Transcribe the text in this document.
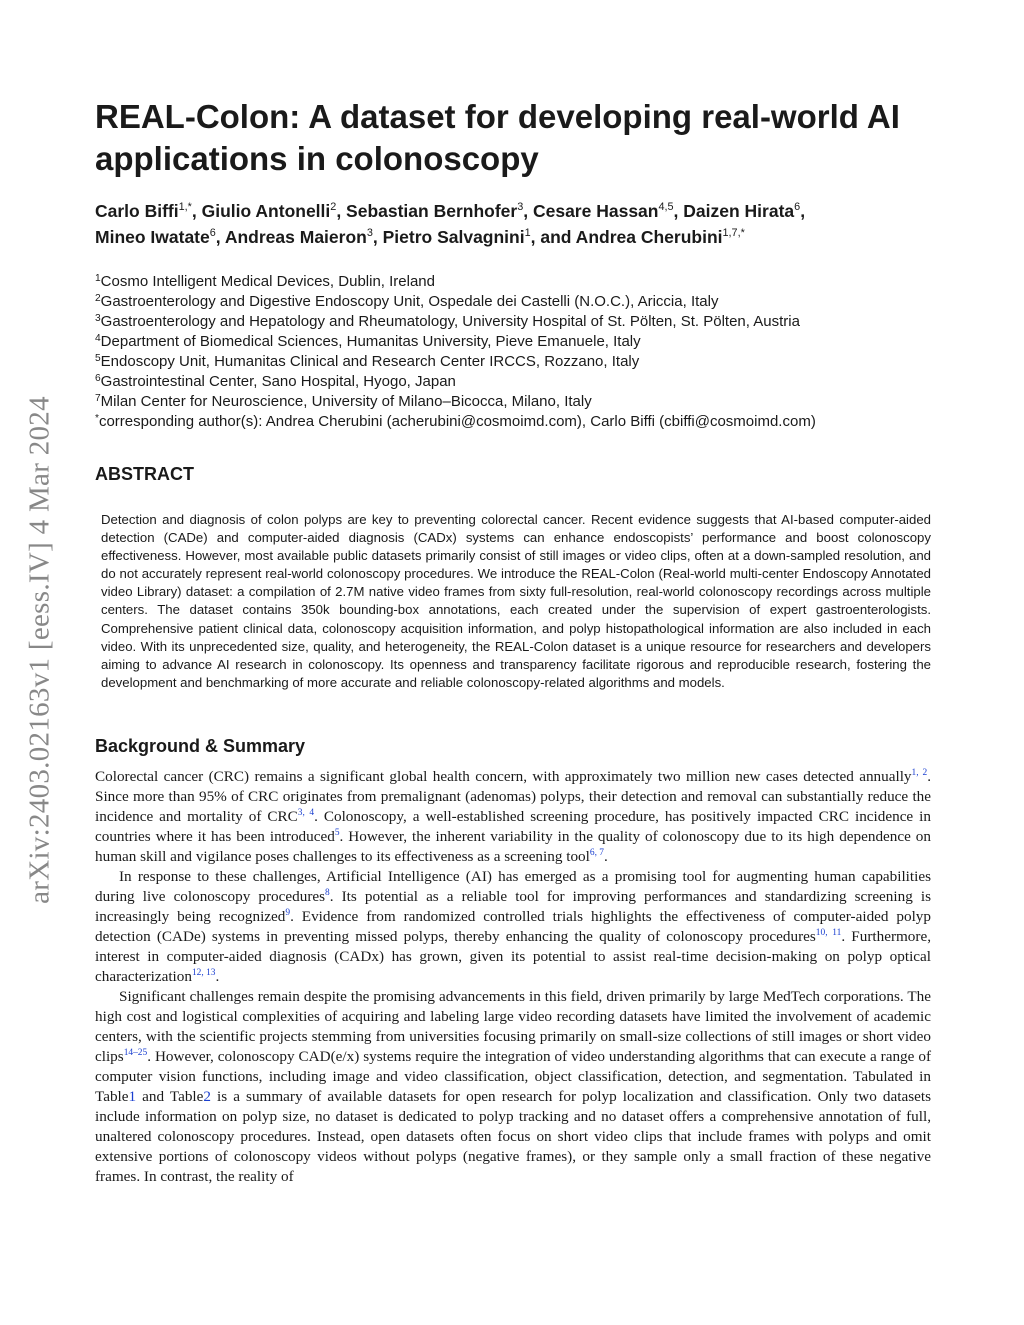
arXiv:2403.02163v1 [eess.IV] 4 Mar 2024
REAL-Colon: A dataset for developing real-world AI applications in colonoscopy
Carlo Biffi$^{1,*}$, Giulio Antonelli$^2$, Sebastian Bernhofer$^3$, Cesare Hassan$^{4,5}$, Daizen Hirata$^6$,
Mineo Iwatate$^6$, Andreas Maieron$^3$, Pietro Salvagnini$^1$, and Andrea Cherubini$^{1,7,*}$
$^1$Cosmo Intelligent Medical Devices, Dublin, Ireland
$^2$Gastroenterology and Digestive Endoscopy Unit, Ospedale dei Castelli (N.O.C.), Ariccia, Italy
$^3$Gastroenterology and Hepatology and Rheumatology, University Hospital of St. Pölten, St. Pölten, Austria
$^4$Department of Biomedical Sciences, Humanitas University, Pieve Emanuele, Italy
$^5$Endoscopy Unit, Humanitas Clinical and Research Center IRCCS, Rozzano, Italy
$^6$Gastrointestinal Center, Sano Hospital, Hyogo, Japan
$^7$Milan Center for Neuroscience, University of Milano–Bicocca, Milano, Italy
*corresponding author(s): Andrea Cherubini (acherubini@cosmoimd.com), Carlo Biffi (cbiffi@cosmoimd.com)
ABSTRACT

Detection and diagnosis of colon polyps are key to preventing colorectal cancer. Recent evidence suggests that AI-based computer-aided detection (CADe) and computer-aided diagnosis (CADx) systems can enhance endoscopists’ performance and boost colonoscopy effectiveness. However, most available public datasets primarily consist of still images or video clips, often at a down-sampled resolution, and do not accurately represent real-world colonoscopy procedures. We introduce the REAL-Colon (Real-world multi-center Endoscopy Annotated video Library) dataset: a compilation of 2.7M native video frames from sixty full-resolution, real-world colonoscopy recordings across multiple centers. The dataset contains 350k bounding-box annotations, each created under the supervision of expert gastroenterologists. Comprehensive patient clinical data, colonoscopy acquisition information, and polyp histopathological information are also included in each video. With its unprecedented size, quality, and heterogeneity, the REAL-Colon dataset is a unique resource for researchers and developers aiming to advance AI research in colonoscopy. Its openness and transparency facilitate rigorous and reproducible research, fostering the development and benchmarking of more accurate and reliable colonoscopy-related algorithms and models.

Background & Summary

Colorectal cancer (CRC) remains a significant global health concern, with approximately two million new cases detected annually$^{1, 2}$. Since more than 95% of CRC originates from premalignant (adenomas) polyps, their detection and removal can substantially reduce the incidence and mortality of CRC$^{3, 4}$. Colonoscopy, a well-established screening procedure, has positively impacted CRC incidence in countries where it has been introduced$^5$. However, the inherent variability in the quality of colonoscopy due to its high dependence on human skill and vigilance poses challenges to its effectiveness as a screening tool$^{6, 7}$.

In response to these challenges, Artificial Intelligence (AI) has emerged as a promising tool for augmenting human capabilities during live colonoscopy procedures$^8$. Its potential as a reliable tool for improving performances and standardizing screening is increasingly being recognized$^9$. Evidence from randomized controlled trials highlights the effectiveness of computer-aided polyp detection (CADe) systems in preventing missed polyps, thereby enhancing the quality of colonoscopy procedures$^{10, 11}$. Furthermore, interest in computer-aided diagnosis (CADx) has grown, given its potential to assist real-time decision-making on polyp optical characterization$^{12, 13}$.

Significant challenges remain despite the promising advancements in this field, driven primarily by large MedTech corporations. The high cost and logistical complexities of acquiring and labeling large video recording datasets have limited the involvement of academic centers, with the scientific projects stemming from universities focusing primarily on small-size collections of still images or short video clips$^{14-25}$. However, colonoscopy CAD(e/x) systems require the integration of video understanding algorithms that can execute a range of computer vision functions, including image and video classification, object classification, detection, and segmentation. Tabulated in Table1 and Table2 is a summary of available datasets for open research for polyp localization and classification. Only two datasets include information on polyp size, no dataset is dedicated to polyp tracking and no dataset offers a comprehensive annotation of full, unaltered colonoscopy procedures. Instead, open datasets often focus on short video clips that include frames with polyps and omit extensive portions of colonoscopy videos without polyps (negative frames), or they sample only a small fraction of these negative frames. In contrast, the reality of
